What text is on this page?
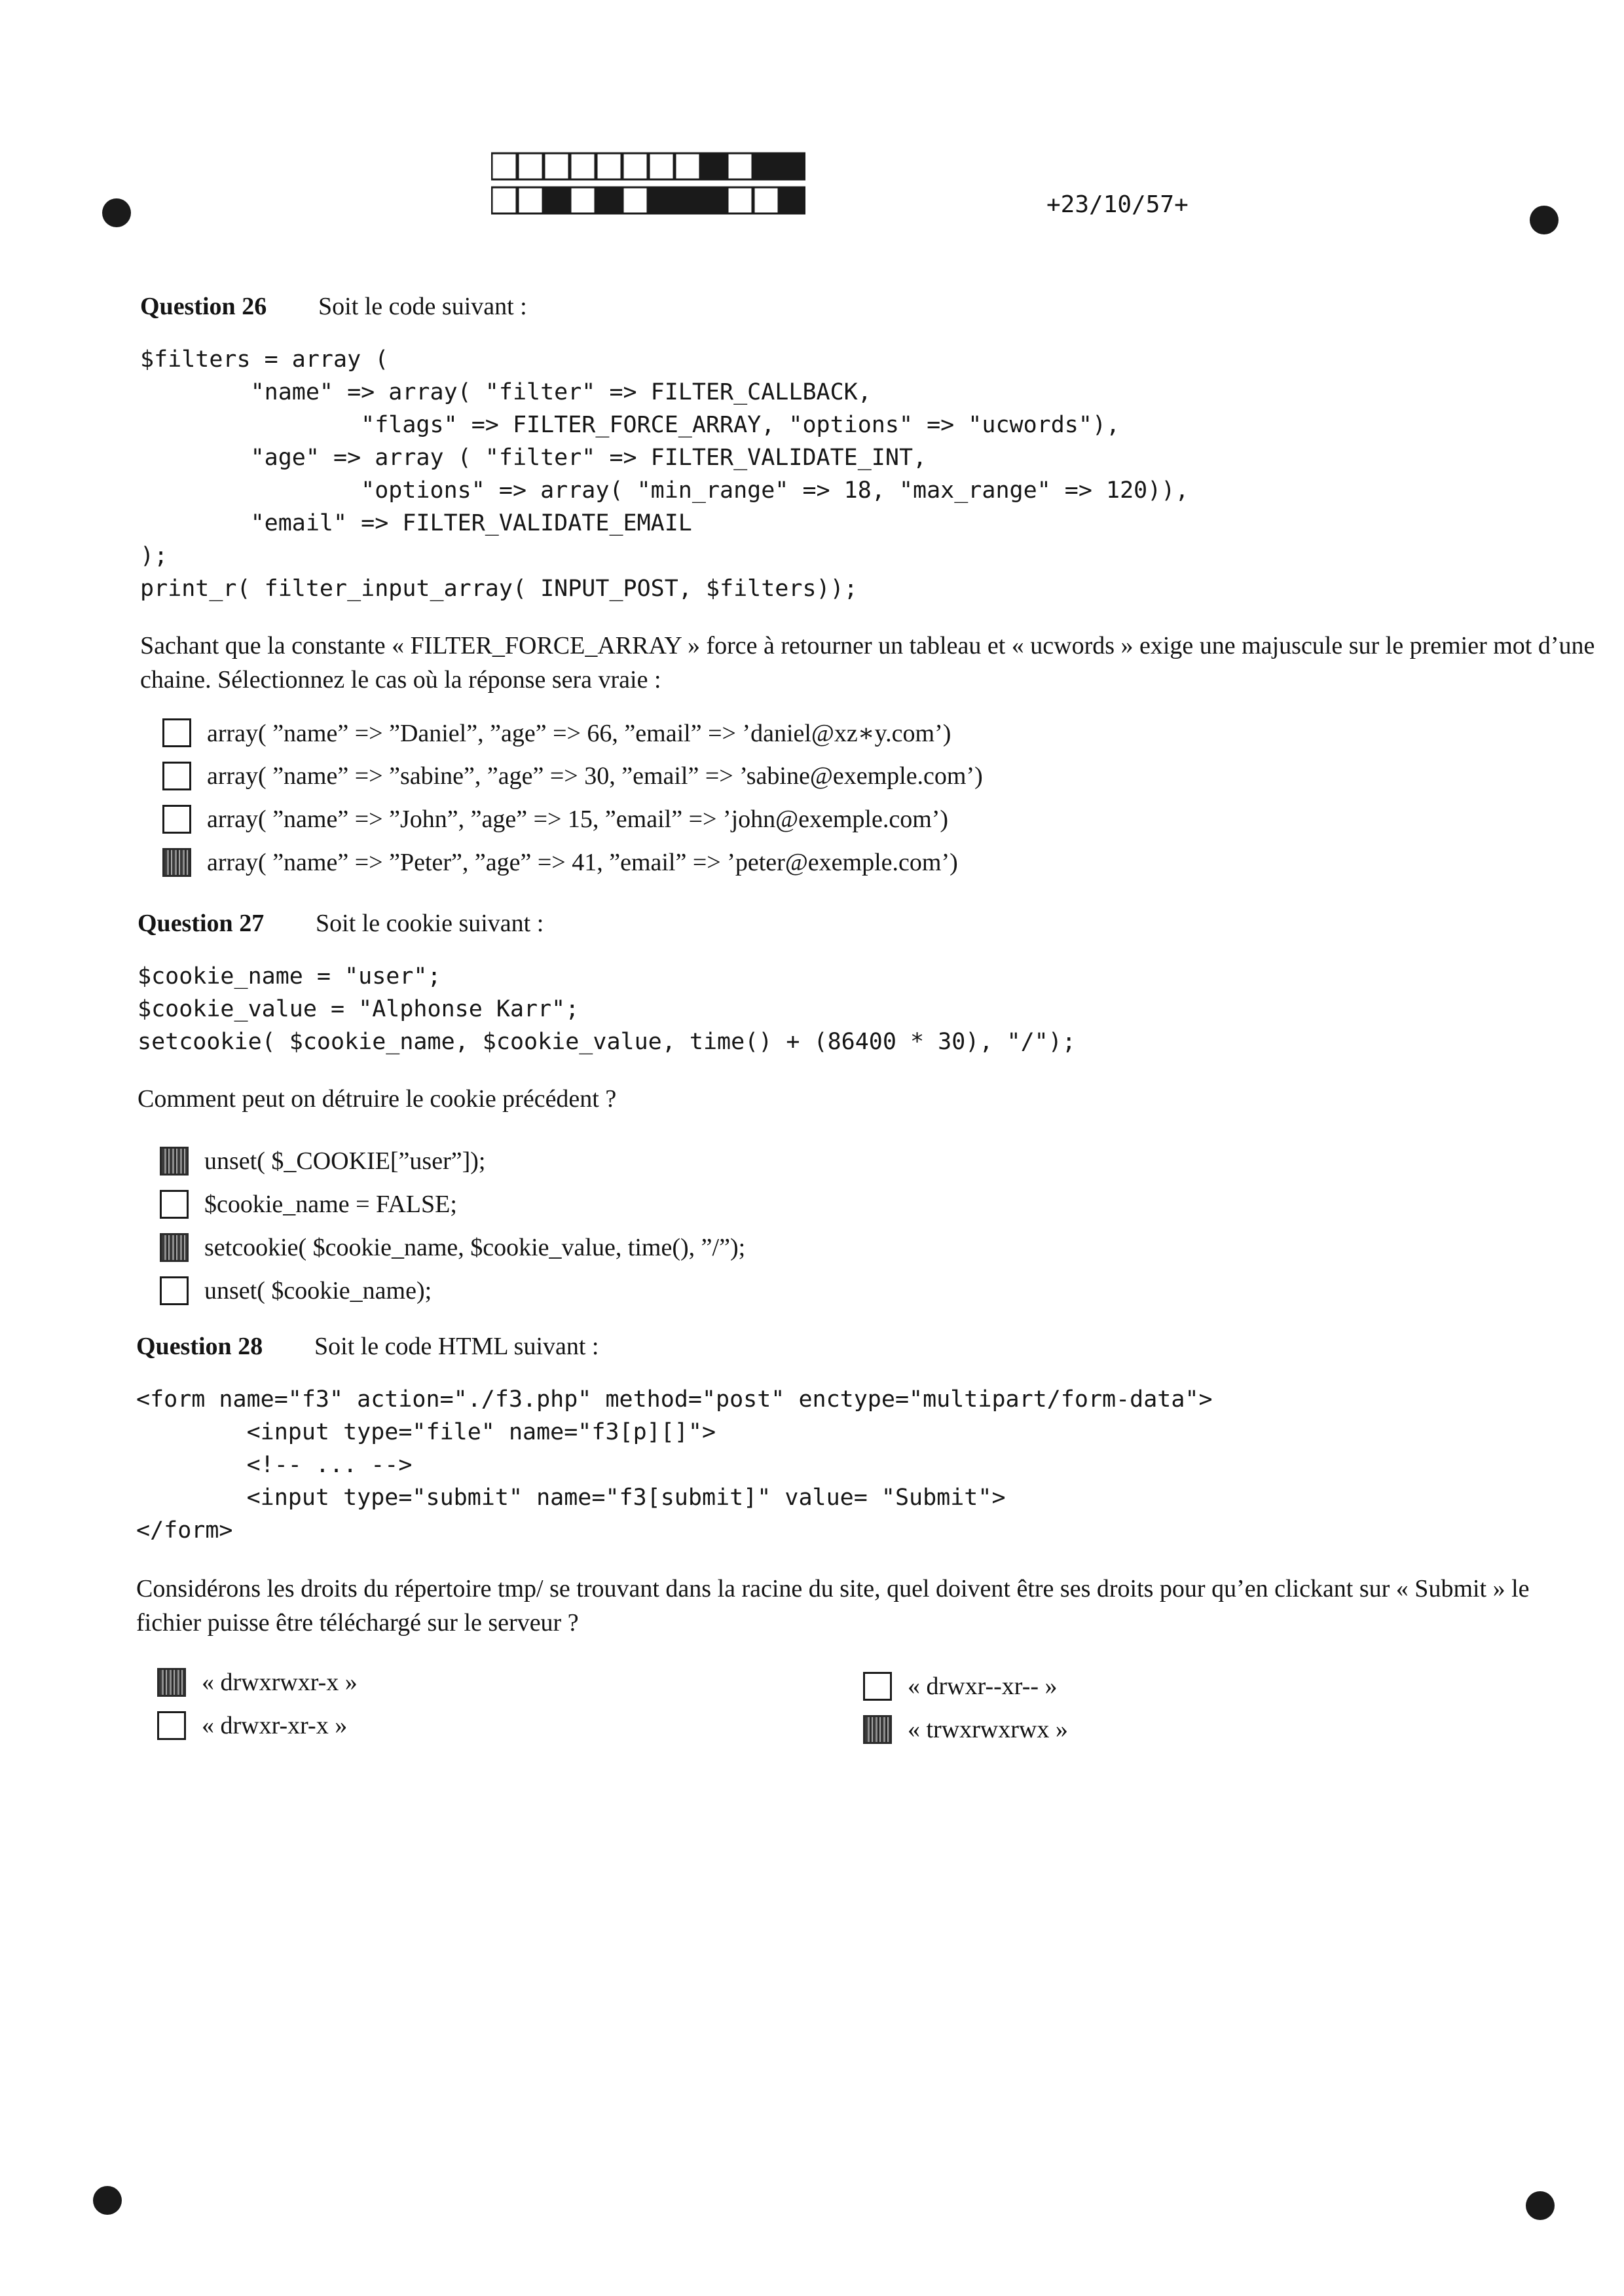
+23/10/57+
Question 26 Soit le code suivant :
$filters = array (
"name" => array( "filter" => FILTER_CALLBACK,
"flags" => FILTER_FORCE_ARRAY, "options" => "ucwords"),
"age" => array ( "filter" => FILTER_VALIDATE_INT,
"options" => array( "min_range" => 18, "max_range" => 120)),
"email" => FILTER_VALIDATE_EMAIL
);
print_r( filter_input_array( INPUT_POST, $filters));
Sachant que la constante « FILTER_FORCE_ARRAY » force à retourner un tableau et « ucwords » exige une majuscule sur le premier mot d’une chaine. Sélectionnez le cas où la réponse sera vraie :
array( ”name” => ”Daniel”, ”age” => 66, ”email” => ’daniel@xz∗y.com’)
array( ”name” => ”sabine”, ”age” => 30, ”email” => ’sabine@exemple.com’)
array( ”name” => ”John”, ”age” => 15, ”email” => ’john@exemple.com’)
array( ”name” => ”Peter”, ”age” => 41, ”email” => ’peter@exemple.com’)
Question 27 Soit le cookie suivant :
$cookie_name = "user";
$cookie_value = "Alphonse Karr";
setcookie( $cookie_name, $cookie_value, time() + (86400 * 30), "/");
Comment peut on détruire le cookie précédent ?
unset( $_COOKIE[”user”]);
$cookie_name = FALSE;
setcookie( $cookie_name, $cookie_value, time(), ”/”);
unset( $cookie_name);
Question 28 Soit le code HTML suivant :
<form name="f3" action="./f3.php" method="post" enctype="multipart/form-data">
<input type="file" name="f3[p][]">
<!-- ... -->
<input type="submit" name="f3[submit]" value= "Submit">
</form>
Considérons les droits du répertoire tmp/ se trouvant dans la racine du site, quel doivent être ses droits pour qu’en clickant sur « Submit » le fichier puisse être téléchargé sur le serveur ?
« drwxrwxr-x »
« drwxr-xr-x »
« drwxr--xr-- »
« trwxrwxrwx »
